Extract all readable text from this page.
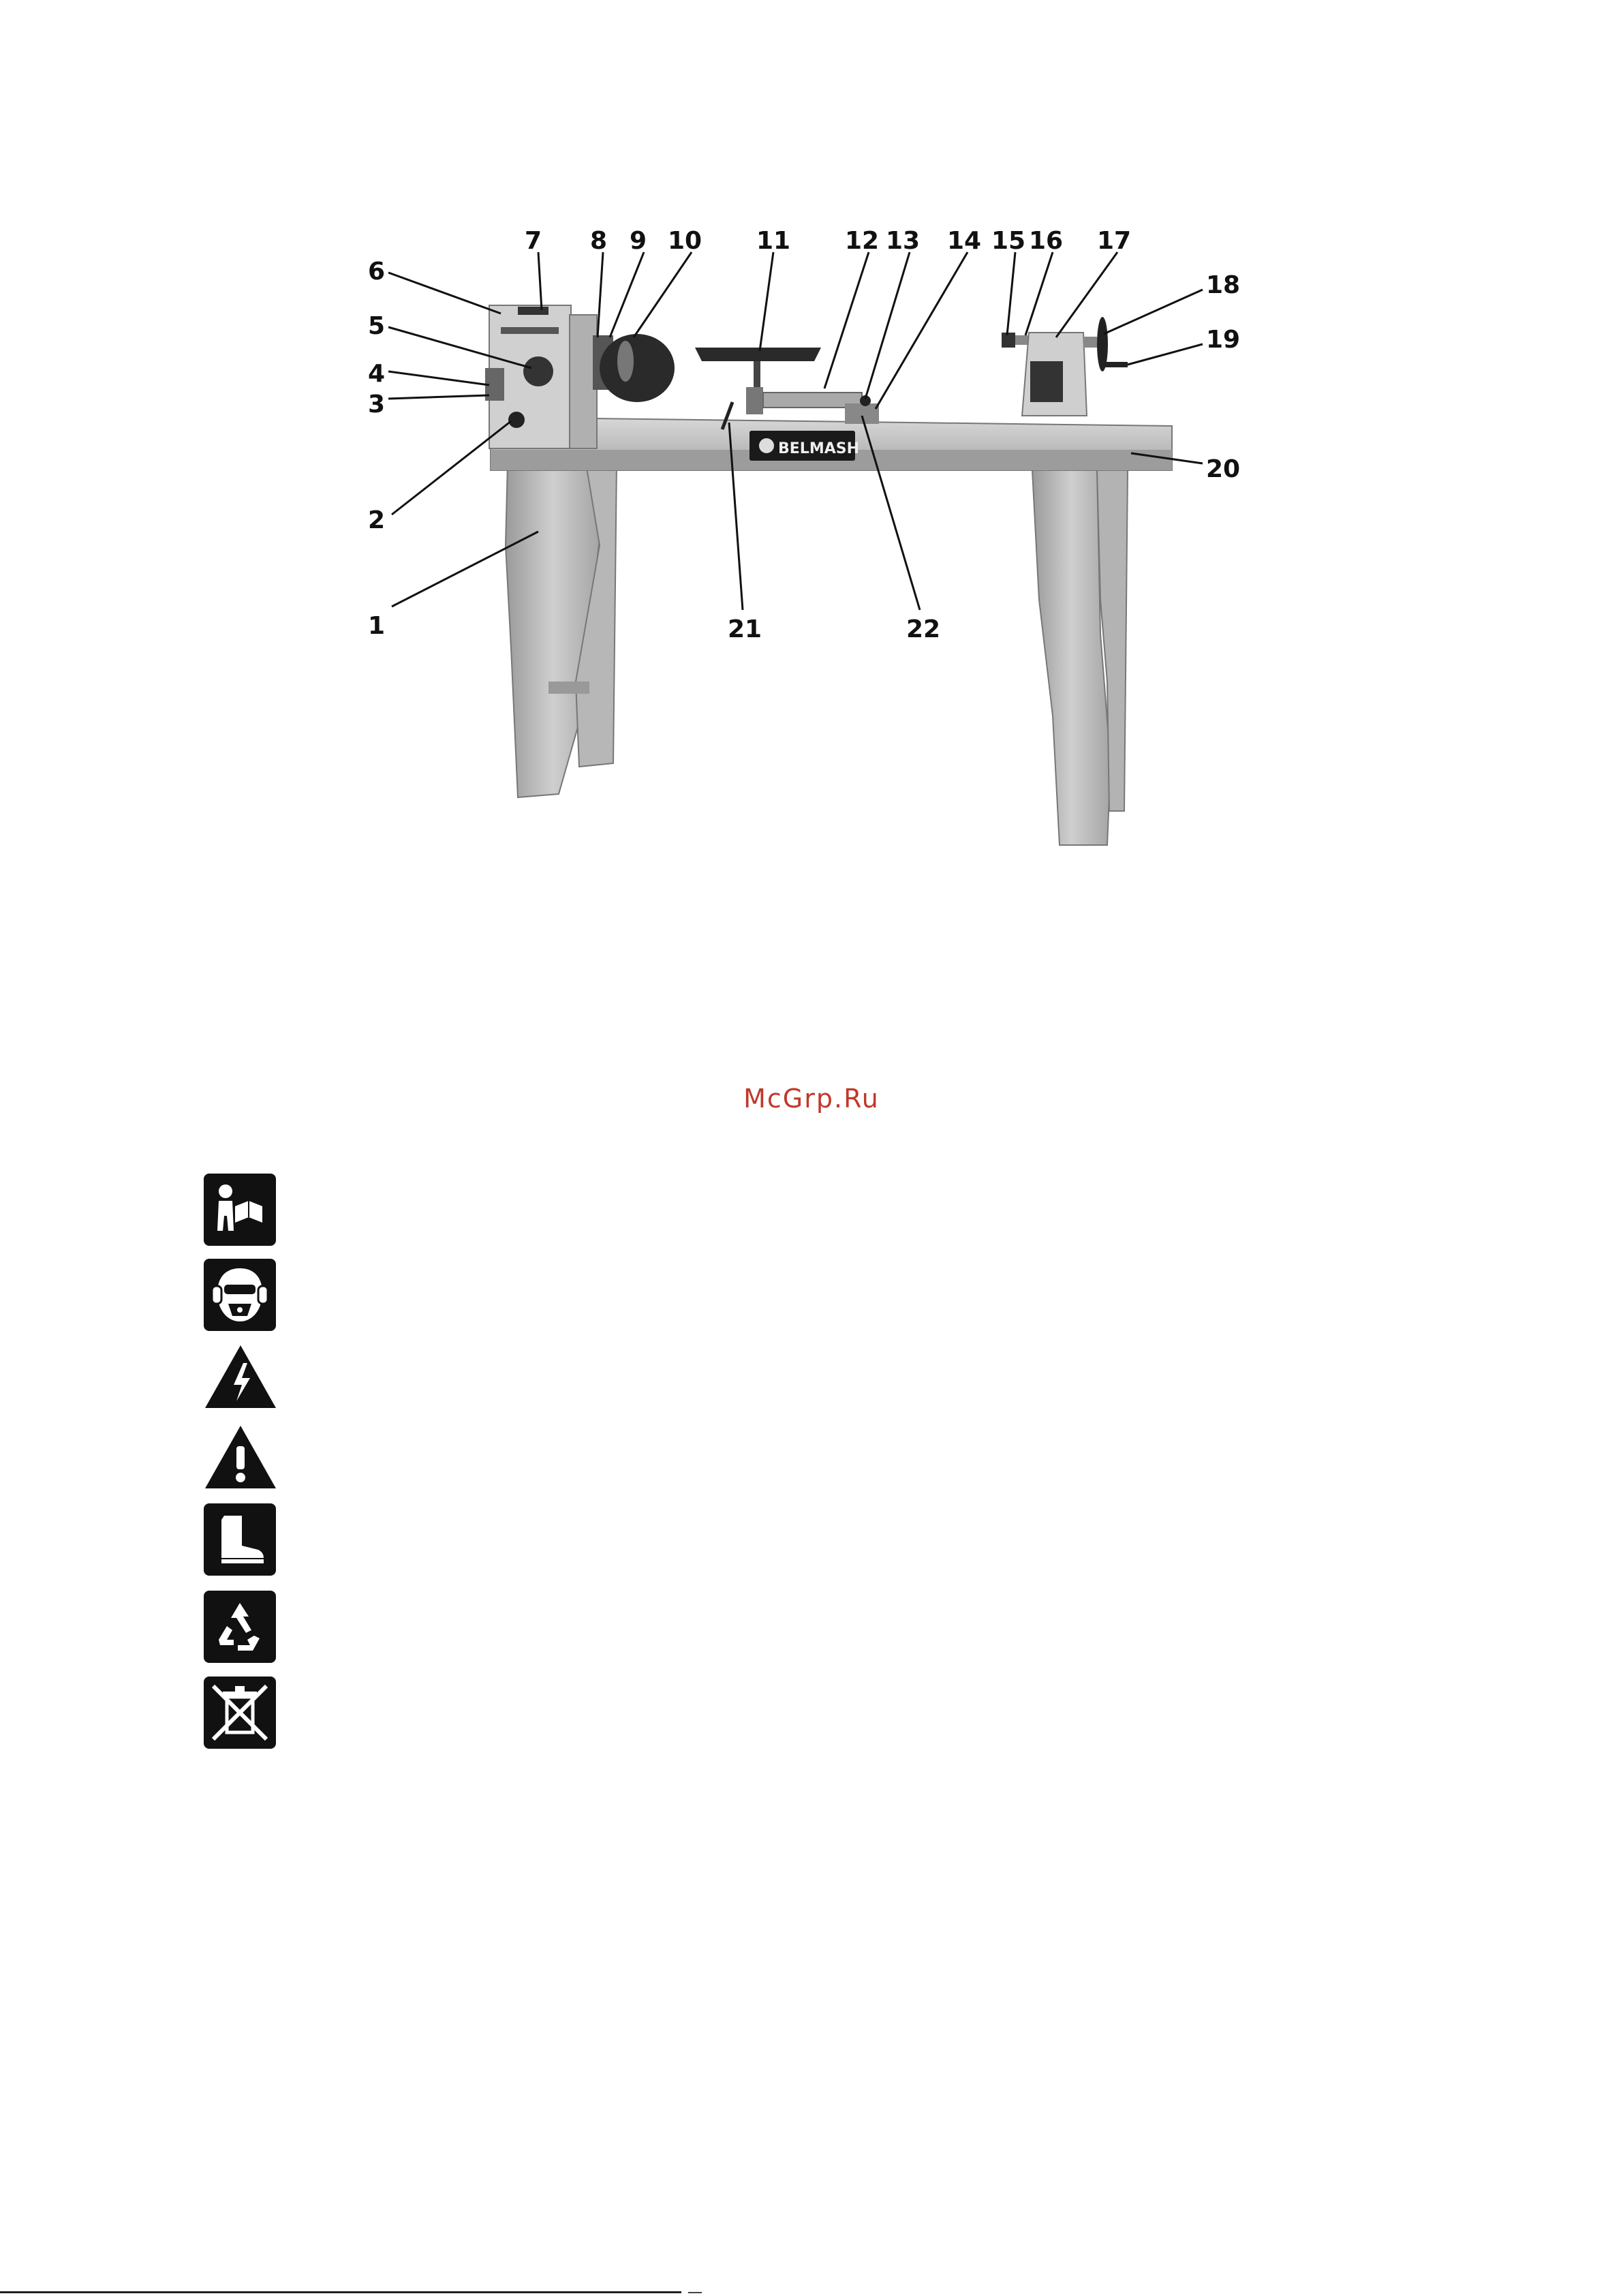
BELMASH
1
2
3
4
5
6
7 8 9 10 11 12 13 14 15 16 17
18
19
20
21	22
McGrp.Ru
